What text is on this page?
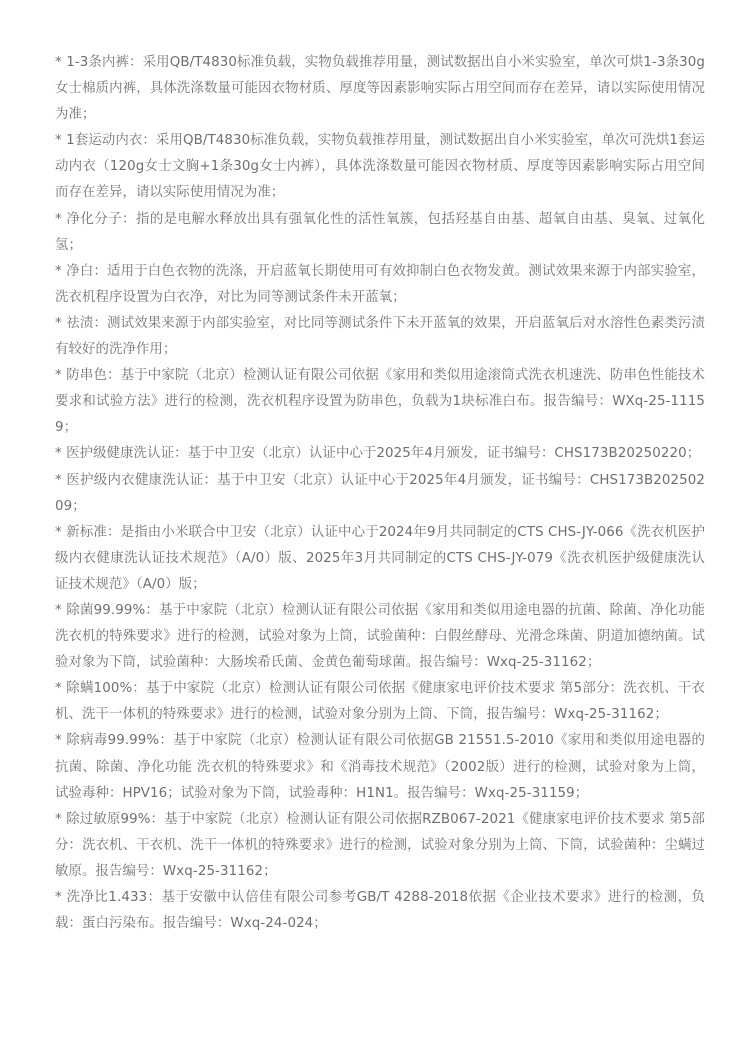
* 1-3条内裤：采用QB/T4830标准负载，实物负载推荐用量，测试数据出自小米实验室，单次可烘1-3条30g女士棉质内裤，具体洗涤数量可能因衣物材质、厚度等因素影响实际占用空间而存在差异，请以实际使用情况为准；

* 1套运动内衣：采用QB/T4830标准负载，实物负载推荐用量，测试数据出自小米实验室，单次可洗烘1套运动内衣（120g女士文胸+1条30g女士内裤），具体洗涤数量可能因衣物材质、厚度等因素影响实际占用空间而存在差异，请以实际使用情况为准；

* 净化分子：指的是电解水释放出具有强氧化性的活性氧簇，包括羟基自由基、超氧自由基、臭氧、过氧化氢；

* 净白：适用于白色衣物的洗涤，开启蓝氧长期使用可有效抑制白色衣物发黄。测试效果来源于内部实验室，洗衣机程序设置为白衣净，对比为同等测试条件未开蓝氧；

* 祛渍：测试效果来源于内部实验室，对比同等测试条件下未开蓝氧的效果，开启蓝氧后对水溶性色素类污渍有较好的洗净作用；

* 防串色：基于中家院（北京）检测认证有限公司依据《家用和类似用途滚筒式洗衣机速洗、防串色性能技术要求和试验方法》进行的检测，洗衣机程序设置为防串色，负载为1块标准白布。报告编号：WXq-25-11159；

* 医护级健康洗认证：基于中卫安（北京）认证中心于2025年4月颁发，证书编号：CHS173B20250220；

* 医护级内衣健康洗认证：基于中卫安（北京）认证中心于2025年4月颁发，证书编号：CHS173B20250209；

* 新标准：是指由小米联合中卫安（北京）认证中心于2024年9月共同制定的CTS CHS-JY-066《洗衣机医护级内衣健康洗认证技术规范》（A/0）版、2025年3月共同制定的CTS CHS-JY-079《洗衣机医护级健康洗认证技术规范》（A/0）版；

* 除菌99.99%：基于中家院（北京）检测认证有限公司依据《家用和类似用途电器的抗菌、除菌、净化功能洗衣机的特殊要求》进行的检测，试验对象为上筒，试验菌种：白假丝酵母、光滑念珠菌、阴道加德纳菌。试验对象为下筒，试验菌种：大肠埃希氏菌、金黄色葡萄球菌。报告编号：Wxq-25-31162；

* 除螨100%：基于中家院（北京）检测认证有限公司依据《健康家电评价技术要求 第5部分：洗衣机、干衣机、洗干一体机的特殊要求》进行的检测，试验对象分别为上筒、下筒，报告编号：Wxq-25-31162；

* 除病毒99.99%：基于中家院（北京）检测认证有限公司依据GB 21551.5-2010《家用和类似用途电器的抗菌、除菌、净化功能 洗衣机的特殊要求》和《消毒技术规范》（2002版）进行的检测，试验对象为上筒，试验毒种：HPV16；试验对象为下筒，试验毒种：H1N1。报告编号：Wxq-25-31159；

* 除过敏原99%：基于中家院（北京）检测认证有限公司依据RZB067-2021《健康家电评价技术要求 第5部分：洗衣机、干衣机、洗干一体机的特殊要求》进行的检测，试验对象分别为上筒、下筒，试验菌种：尘螨过敏原。报告编号：Wxq-25-31162；

* 洗净比1.433：基于安徽中认倍佳有限公司参考GB/T 4288-2018依据《企业技术要求》进行的检测，负载：蛋白污染布。报告编号：Wxq-24-024；
